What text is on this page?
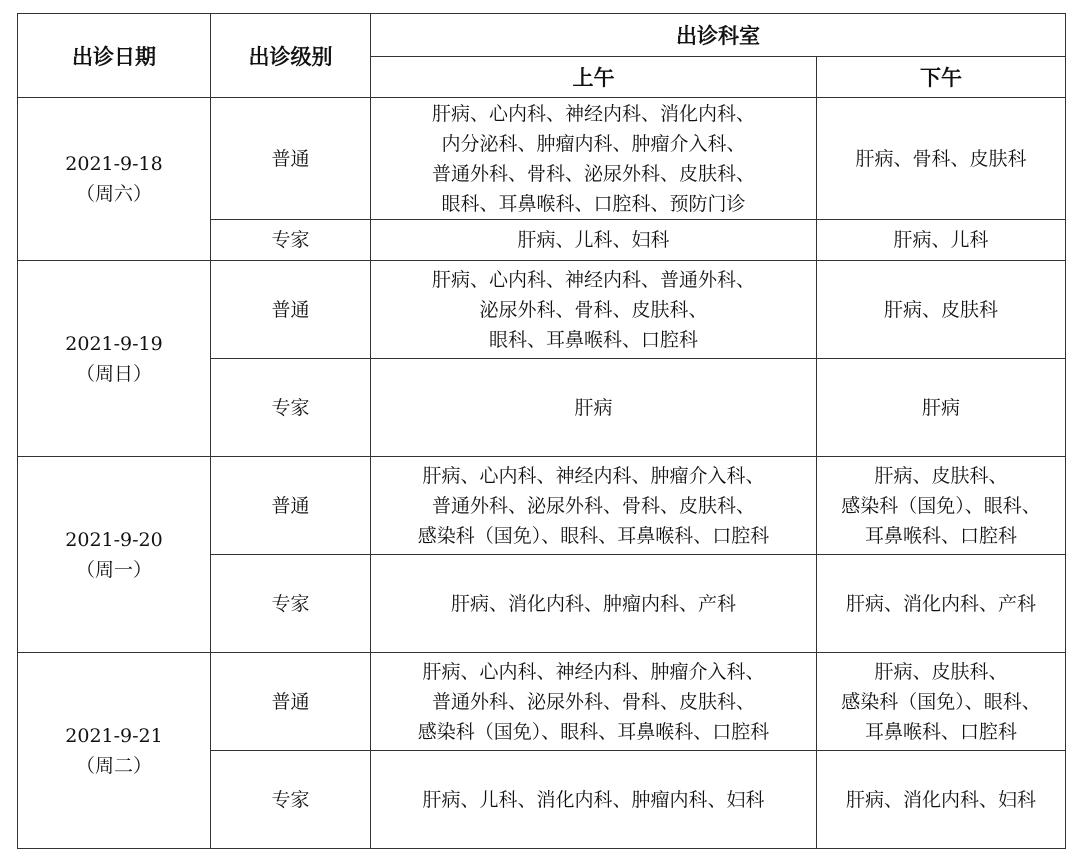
出诊日期	出诊级别	出诊科室	
		上午	下午

2021-9-18
（周六）	普通	肝病、心内科、神经内科、消化内科、
内分泌科、肿瘤内科、肿瘤介入科、
普通外科、骨科、泌尿外科、皮肤科、
眼科、耳鼻喉科、口腔科、预防门诊	肝病、骨科、皮肤科

	专家	肝病、儿科、妇科	肝病、儿科

2021-9-19
（周日）	普通	肝病、心内科、神经内科、普通外科、
泌尿外科、骨科、皮肤科、
眼科、耳鼻喉科、口腔科	肝病、皮肤科

	专家	肝病	肝病

2021-9-20
（周一）	普通	肝病、心内科、神经内科、肿瘤介入科、
普通外科、泌尿外科、骨科、皮肤科、
感染科（国免）、眼科、耳鼻喉科、口腔科	肝病、皮肤科、
感染科（国免）、眼科、
耳鼻喉科、口腔科

	专家	肝病、消化内科、肿瘤内科、产科	肝病、消化内科、产科

2021-9-21
（周二）	普通	肝病、心内科、神经内科、肿瘤介入科、
普通外科、泌尿外科、骨科、皮肤科、
感染科（国免）、眼科、耳鼻喉科、口腔科	肝病、皮肤科、
感染科（国免）、眼科、
耳鼻喉科、口腔科

	专家	肝病、儿科、消化内科、肿瘤内科、妇科	肝病、消化内科、妇科
